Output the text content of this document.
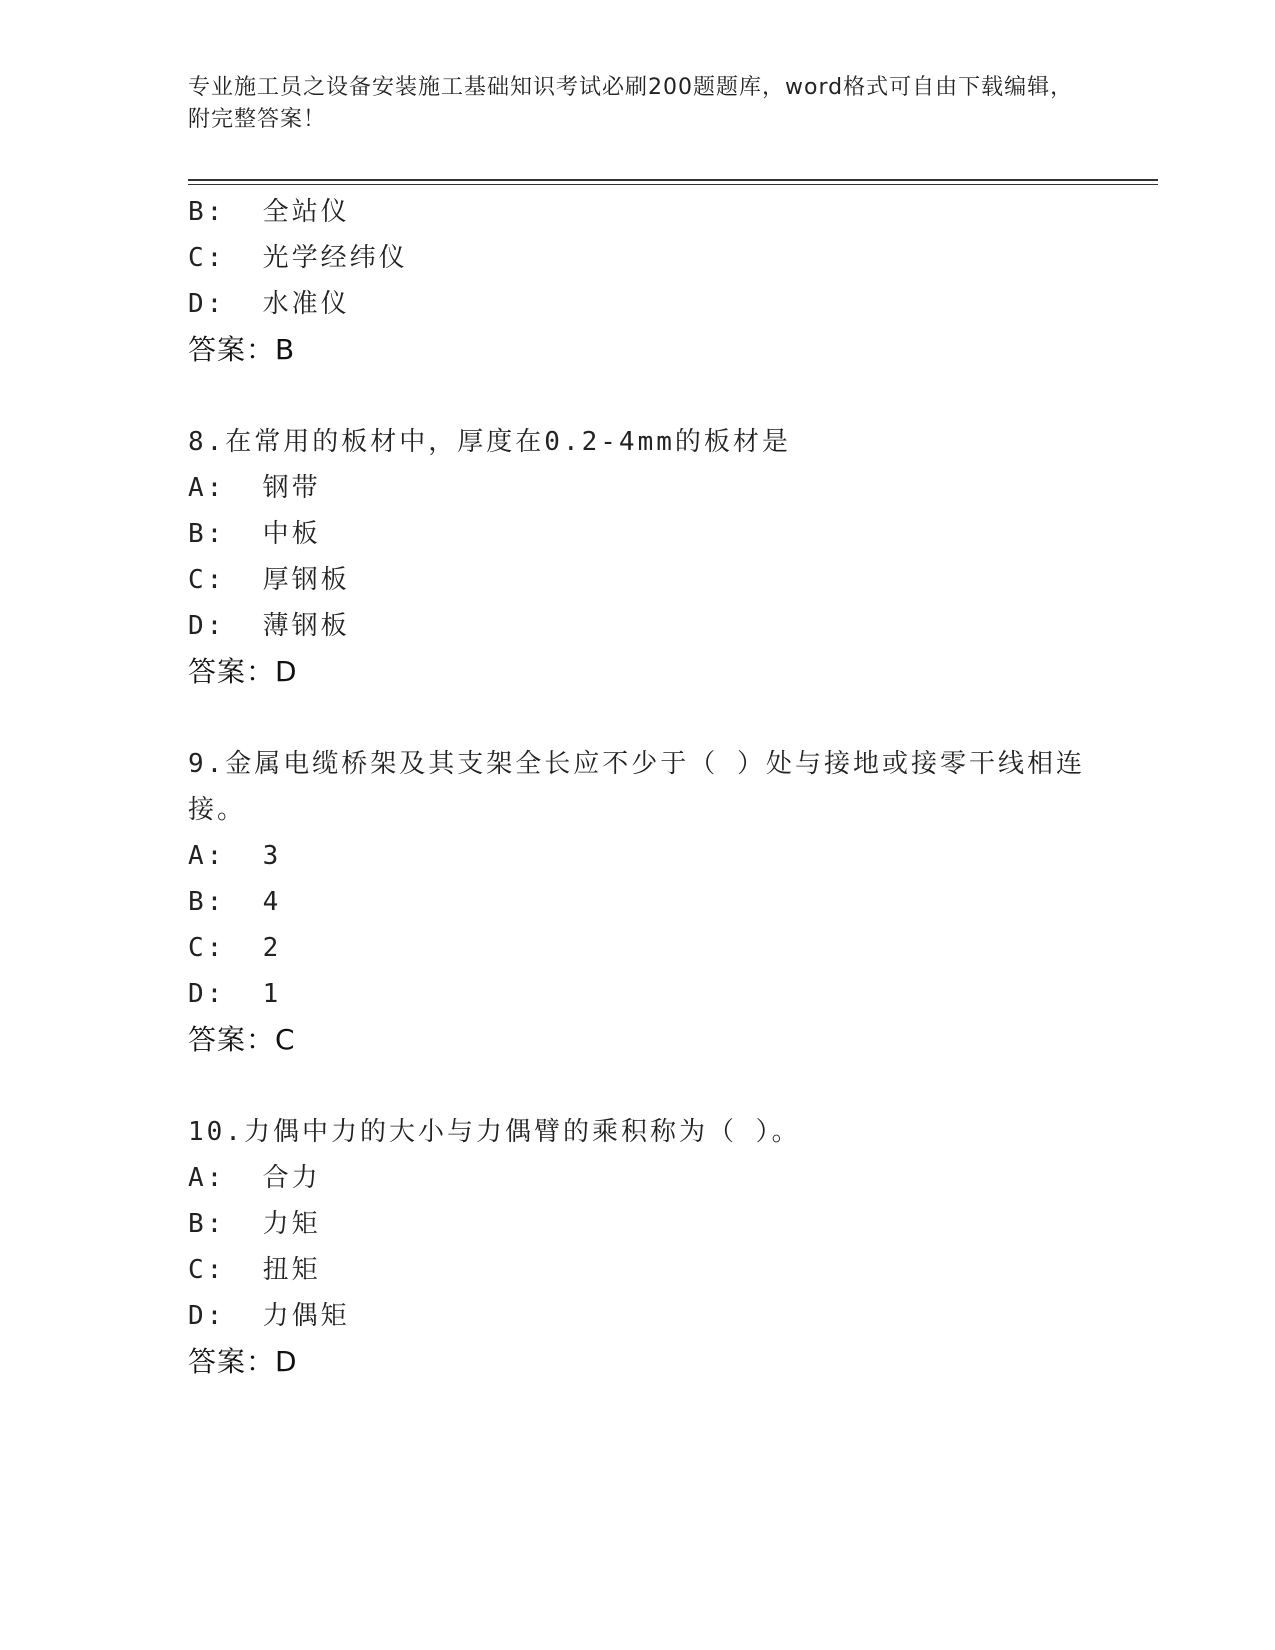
专业施工员之设备安装施工基础知识考试必刷200题题库，word格式可自由下载编辑，附完整答案！
B:  全站仪
C:  光学经纬仪
D:  水准仪
答案：B
8.在常用的板材中，厚度在0.2-4mm的板材是
A:  钢带
B:  中板
C:  厚钢板
D:  薄钢板
答案：D
9.金属电缆桥架及其支架全长应不少于（ ）处与接地或接零干线相连接。
A:  3
B:  4
C:  2
D:  1
答案：C
10.力偶中力的大小与力偶臂的乘积称为（ ）。
A:  合力
B:  力矩
C:  扭矩
D:  力偶矩
答案：D
